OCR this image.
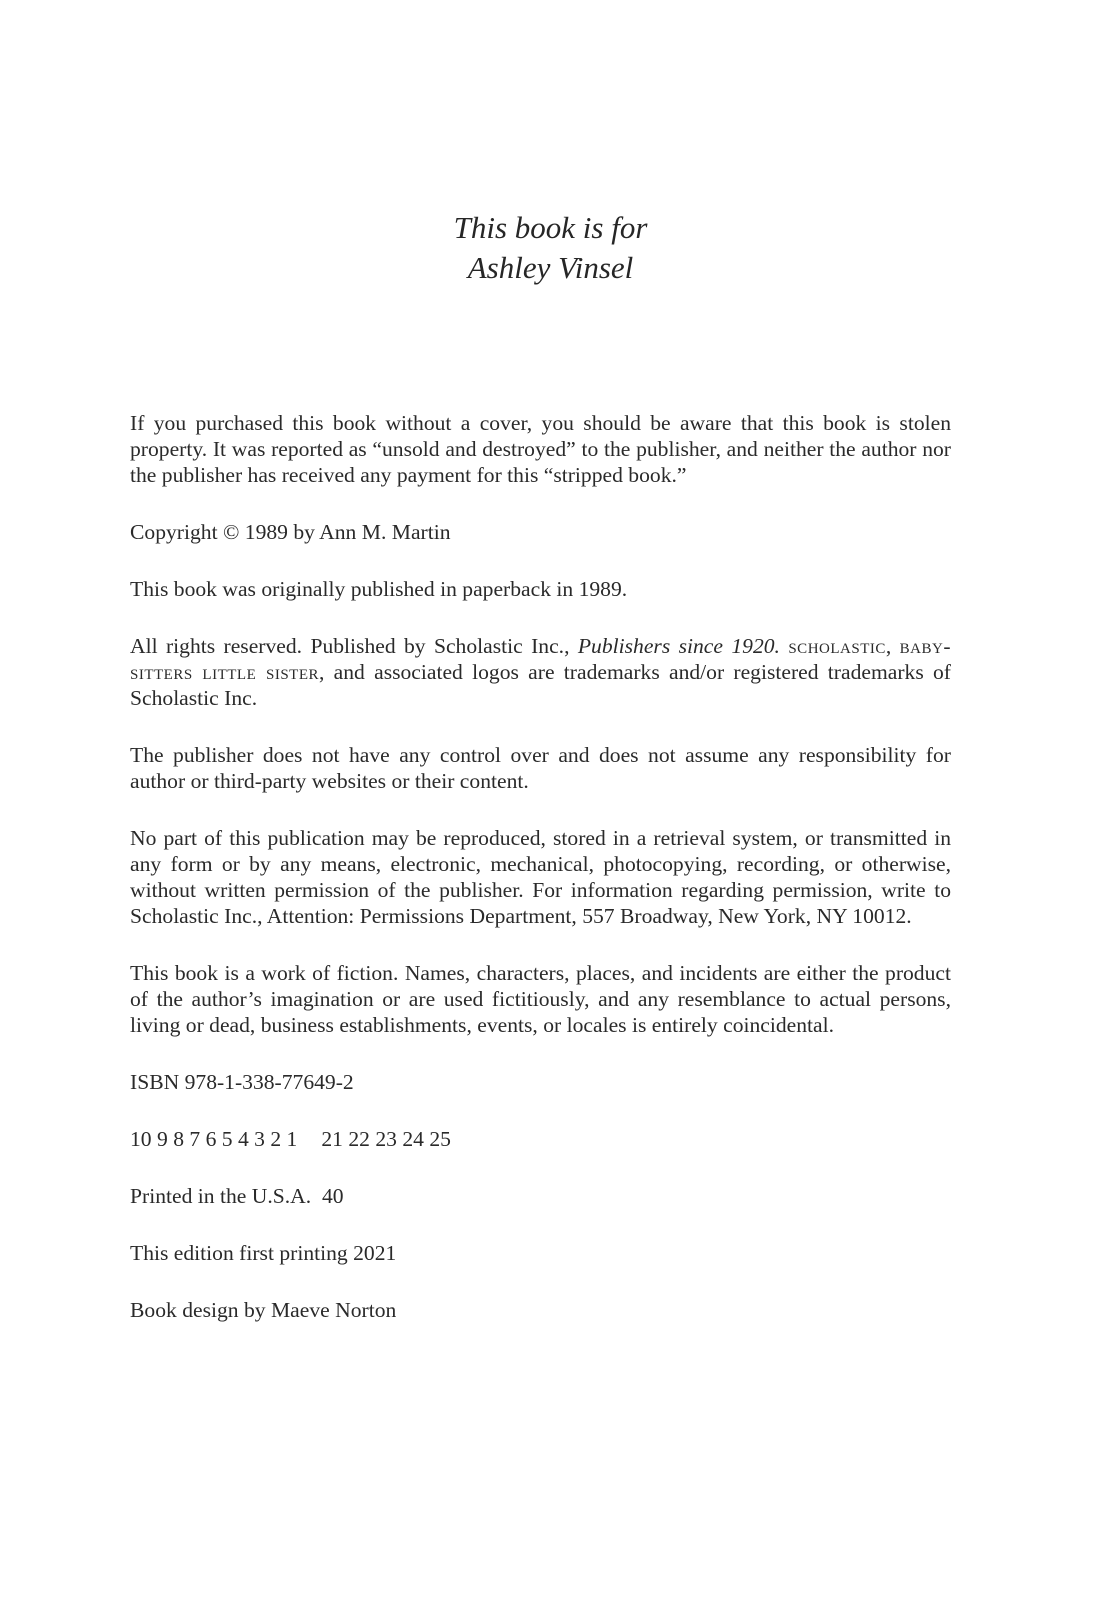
This book is for
Ashley Vinsel

If you purchased this book without a cover, you should be aware that this book is stolen property. It was reported as “unsold and destroyed” to the publisher, and neither the author nor the publisher has received any payment for this “stripped book.”

Copyright © 1989 by Ann M. Martin

This book was originally published in paperback in 1989.

All rights reserved. Published by Scholastic Inc., Publishers since 1920. scholastic, baby-sitters little sister, and associated logos are trademarks and/or registered trademarks of Scholastic Inc.

The publisher does not have any control over and does not assume any responsibility for author or third-party websites or their content.

No part of this publication may be reproduced, stored in a retrieval system, or transmitted in any form or by any means, electronic, mechanical, photocopying, recording, or otherwise, without written permission of the publisher. For information regarding permission, write to Scholastic Inc., Attention: Permissions Department, 557 Broadway, New York, NY 10012.

This book is a work of fiction. Names, characters, places, and incidents are either the product of the author’s imagination or are used fictitiously, and any resemblance to actual persons, living or dead, business establishments, events, or locales is entirely coincidental.

ISBN 978-1-338-77649-2

10 9 8 7 6 5 4 3 2 1 21 22 23 24 25

Printed in the U.S.A.  40

This edition first printing 2021

Book design by Maeve Norton
